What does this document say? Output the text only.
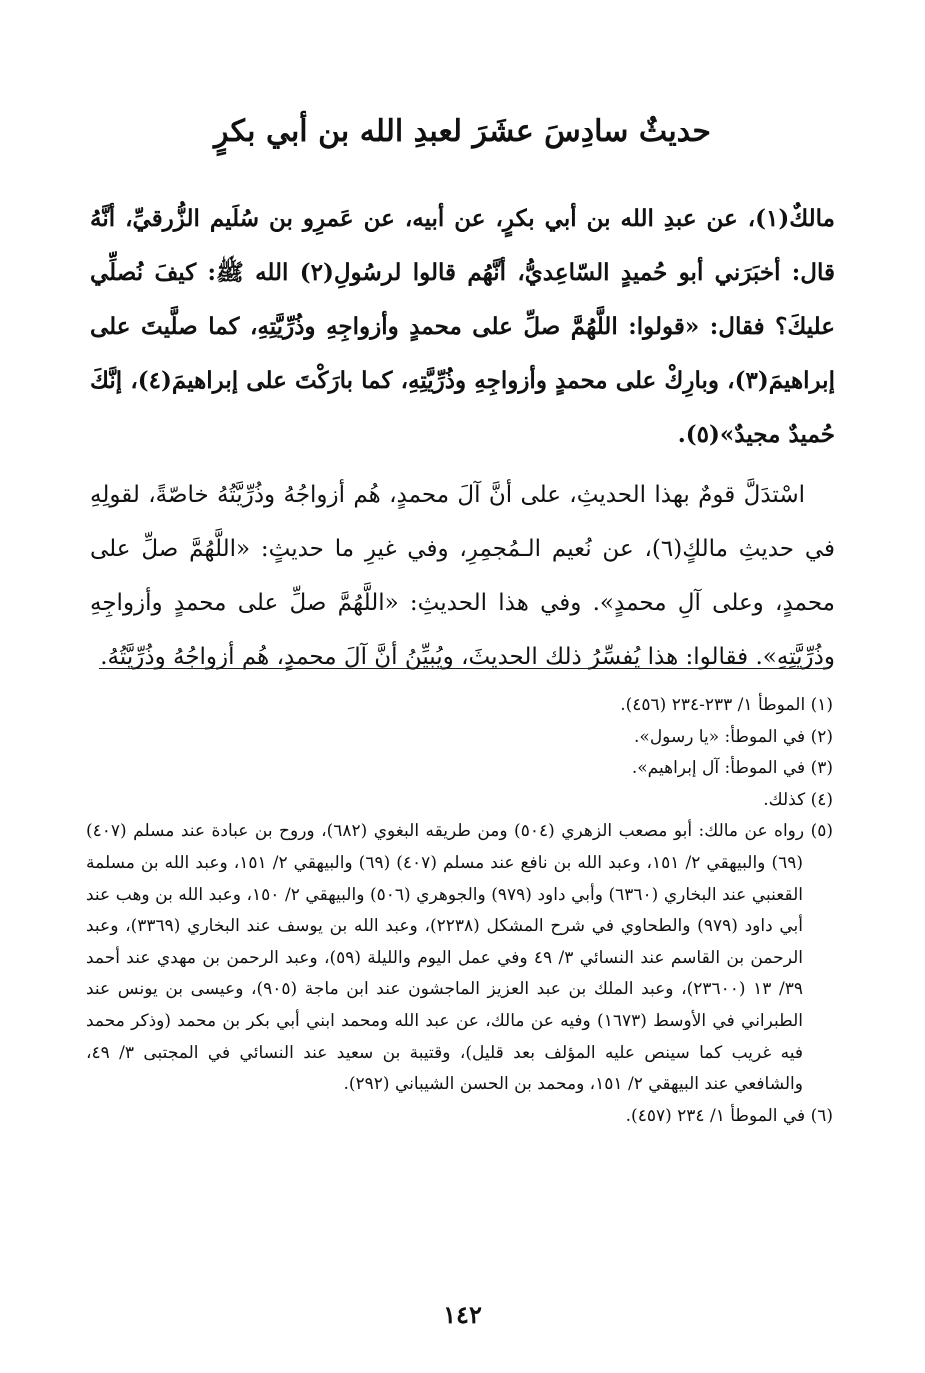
حديثٌ سادِسَ عشَرَ لعبدِ الله بن أبي بكرٍ

مالكٌ(١)، عن عبدِ الله بن أبي بكرٍ، عن أبيه، عن عَمرِو بن سُلَيم الزُّرقيِّ، أنَّهُ قال: أخبَرَني أبو حُميدٍ السّاعِديُّ، أنَّهُم قالوا لرسُولِ(٢) الله ﷺ: كيفَ نُصلِّي عليكَ؟ فقال: «قولوا: اللَّهُمَّ صلِّ على محمدٍ وأزواجِهِ وذُرِّيَّتِهِ، كما صلَّيتَ على إبراهيمَ(٣)، وبارِكْ على محمدٍ وأزواجِهِ وذُرِّيَّتِهِ، كما بارَكْتَ على إبراهيمَ(٤)، إنَّكَ حُميدٌ مجيدٌ»(٥).

اسْتدَلَّ قومٌ بهذا الحديثِ، على أنَّ آلَ محمدٍ، هُم أزواجُهُ وذُرِّيَّتُهُ خاصّةً، لقولِهِ في حديثِ مالكٍ(٦)، عن نُعيم الـمُجمِرِ، وفي غيرِ ما حديثٍ: «اللَّهُمَّ صلِّ على محمدٍ، وعلى آلِ محمدٍ». وفي هذا الحديثِ: «اللَّهُمَّ صلِّ على محمدٍ وأزواجِهِ وذُرِّيَّتِهِ». فقالوا: هذا يُفسِّرُ ذلك الحديثَ، ويُبيِّنُ أنَّ آلَ محمدٍ، هُم أزواجُهُ وذُرِّيَّتُهُ.

(١) الموطأ ١/ ٢٣٣-٢٣٤ (٤٥٦).

(٢) في الموطأ: «يا رسول».

(٣) في الموطأ: آل إبراهيم».

(٤) كذلك.

(٥) رواه عن مالك: أبو مصعب الزهري (٥٠٤) ومن طريقه البغوي (٦٨٢)، وروح بن عبادة عند مسلم (٤٠٧) (٦٩) والبيهقي ٢/ ١٥١، وعبد الله بن نافع عند مسلم (٤٠٧) (٦٩) والبيهقي ٢/ ١٥١، وعبد الله بن مسلمة القعنبي عند البخاري (٦٣٦٠) وأبي داود (٩٧٩) والجوهري (٥٠٦) والبيهقي ٢/ ١٥٠، وعبد الله بن وهب عند أبي داود (٩٧٩) والطحاوي في شرح المشكل (٢٢٣٨)، وعبد الله بن يوسف عند البخاري (٣٣٦٩)، وعبد الرحمن بن القاسم عند النسائي ٣/ ٤٩ وفي عمل اليوم والليلة (٥٩)، وعبد الرحمن بن مهدي عند أحمد ٣٩/ ١٣ (٢٣٦٠٠)، وعبد الملك بن عبد العزيز الماجشون عند ابن ماجة (٩٠٥)، وعيسى بن يونس عند الطبراني في الأوسط (١٦٧٣) وفيه عن مالك، عن عبد الله ومحمد ابني أبي بكر بن محمد (وذكر محمد فيه غريب كما سينص عليه المؤلف بعد قليل)، وقتيبة بن سعيد عند النسائي في المجتبى ٣/ ٤٩، والشافعي عند البيهقي ٢/ ١٥١، ومحمد بن الحسن الشيباني (٢٩٢).

(٦) في الموطأ ١/ ٢٣٤ (٤٥٧).

١٤٢
